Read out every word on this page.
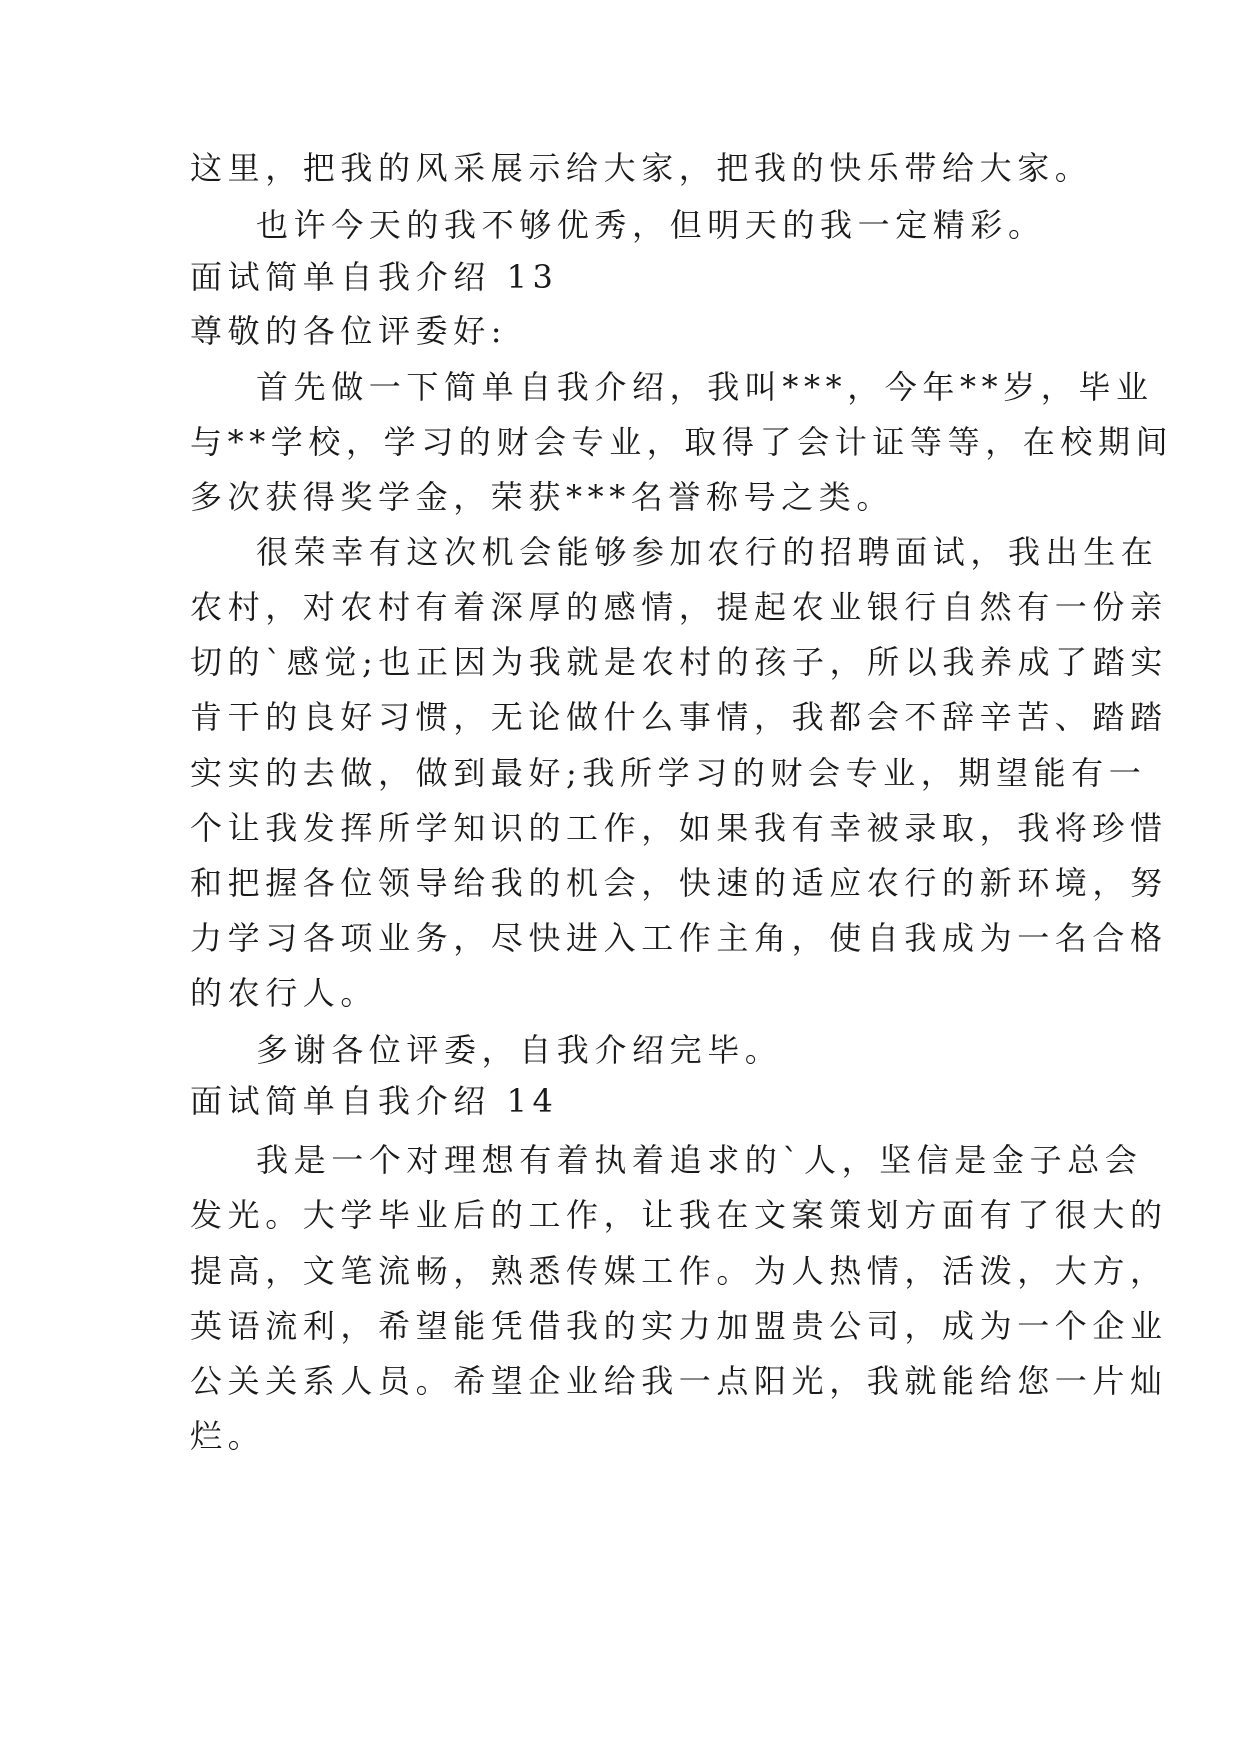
这里，把我的风采展示给大家，把我的快乐带给大家。
也许今天的我不够优秀，但明天的我一定精彩。
面试简单自我介绍 13
尊敬的各位评委好:
首先做一下简单自我介绍，我叫***，今年**岁，毕业
与**学校，学习的财会专业，取得了会计证等等，在校期间
多次获得奖学金，荣获***名誉称号之类。
很荣幸有这次机会能够参加农行的招聘面试，我出生在
农村，对农村有着深厚的感情，提起农业银行自然有一份亲
切的`感觉;也正因为我就是农村的孩子，所以我养成了踏实
肯干的良好习惯，无论做什么事情，我都会不辞辛苦、踏踏
实实的去做，做到最好;我所学习的财会专业，期望能有一
个让我发挥所学知识的工作，如果我有幸被录取，我将珍惜
和把握各位领导给我的机会，快速的适应农行的新环境，努
力学习各项业务，尽快进入工作主角，使自我成为一名合格
的农行人。
多谢各位评委，自我介绍完毕。
面试简单自我介绍 14
我是一个对理想有着执着追求的`人，坚信是金子总会
发光。大学毕业后的工作，让我在文案策划方面有了很大的
提高，文笔流畅，熟悉传媒工作。为人热情，活泼，大方，
英语流利，希望能凭借我的实力加盟贵公司，成为一个企业
公关关系人员。希望企业给我一点阳光，我就能给您一片灿
烂。
